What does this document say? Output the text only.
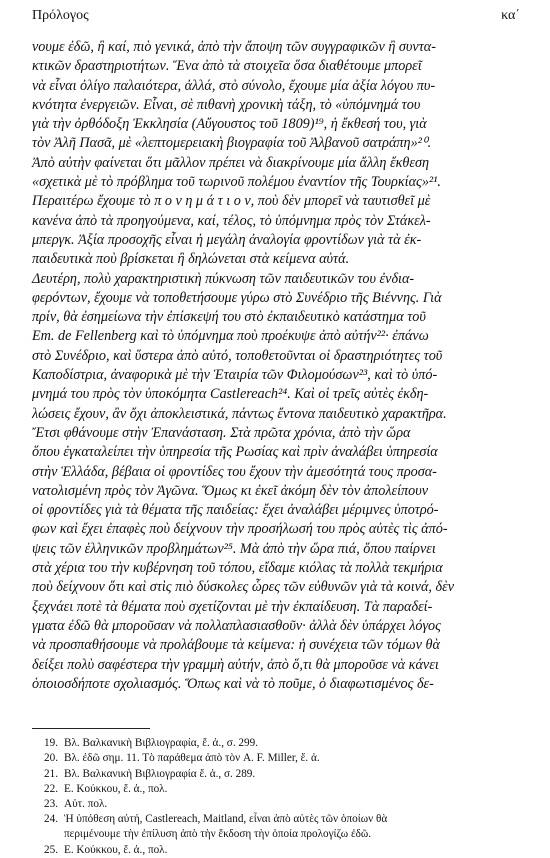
Πρόλογος	κα΄
νουμε ἐδῶ, ἢ καί, πιὸ γενικά, ἀπὸ τὴν ἄποψη τῶν συγγραφικῶν ἢ συντα-
κτικῶν δραστηριοτήτων. Ἕνα ἀπὸ τὰ στοιχεῖα ὅσα διαθέτουμε μπορεῖ
νὰ εἶναι ὀλίγο παλαιότερα, ἀλλά, στὸ σύνολο, ἔχουμε μία ἀξία λόγου πυ-
κνότητα ἐνεργειῶν. Εἶναι, σὲ πιθανὴ χρονικὴ τάξη, τὸ «ὑπόμνημά του
γιὰ τὴν ὀρθόδοξη Ἐκκλησία (Αὔγουστος τοῦ 1809)¹⁹, ἡ ἔκθεσή του, γιὰ
τὸν Ἀλῆ Πασᾶ, μὲ «λεπτομερειακὴ βιογραφία τοῦ Ἀλβανοῦ σατράπη»²⁰.
Ἀπὸ αὐτὴν φαίνεται ὅτι μᾶλλον πρέπει νὰ διακρίνουμε μία ἄλλη ἔκθεση
«σχετικὰ μὲ τὸ πρόβλημα τοῦ τωρινοῦ πολέμου ἐναντίον τῆς Τουρκίας»²¹.
Περαιτέρω ἔχουμε τὸ π ο ν η μ ά τ ι ο ν, ποὺ δὲν μπορεῖ νὰ ταυτισθεῖ μὲ
κανένα ἀπὸ τὰ προηγούμενα, καί, τέλος, τὸ ὑπόμνημα πρὸς τὸν Στάκελ-
μπεργκ. Ἀξία προσοχῆς εἶναι ἡ μεγάλη ἀναλογία φροντίδων γιὰ τὰ ἐκ-
παιδευτικὰ ποὺ βρίσκεται ἢ δηλώνεται στὰ κείμενα αὐτά.
Δευτέρη, πολὺ χαρακτηριστικὴ πύκνωση τῶν παιδευτικῶν του ἐνδια-
φερόντων, ἔχουμε νὰ τοποθετήσουμε γύρω στὸ Συνέδριο τῆς Βιέννης. Γιὰ
πρίν, θὰ ἐσημείωνα τὴν ἐπίσκεψή του στὸ ἐκπαιδευτικὸ κατάστημα τοῦ
Em. de Fellenberg καὶ τὸ ὑπόμνημα ποὺ προέκυψε ἀπὸ αὐτήν²²· ἐπάνω
στὸ Συνέδριο, καὶ ὕστερα ἀπὸ αὐτό, τοποθετοῦνται οἱ δραστηριότητες τοῦ
Καποδίστρια, ἀναφορικὰ μὲ τὴν Ἑταιρία τῶν Φιλομούσων²³, καὶ τὸ ὑπό-
μνημά του πρὸς τὸν ὑποκόμητα Castlereach²⁴. Καὶ οἱ τρεῖς αὐτὲς ἐκδη-
λώσεις ἔχουν, ἂν ὄχι ἀποκλειστικά, πάντως ἔντονα παιδευτικὸ χαρακτῆρα.
Ἔτσι φθάνουμε στὴν Ἐπανάσταση. Στὰ πρῶτα χρόνια, ἀπὸ τὴν ὥρα
ὅπου ἐγκαταλείπει τὴν ὑπηρεσία τῆς Ρωσίας καὶ πρὶν ἀναλάβει ὑπηρεσία
στὴν Ἑλλάδα, βέβαια οἱ φροντίδες του ἔχουν τὴν ἀμεσότητά τους προσα-
νατολισμένη πρὸς τὸν Ἀγῶνα. Ὅμως κι ἐκεῖ ἀκόμη δὲν τὸν ἀπολείπουν
οἱ φροντίδες γιὰ τὰ θέματα τῆς παιδείας: ἔχει ἀναλάβει μέριμνες ὑποτρό-
φων καὶ ἔχει ἐπαφὲς ποὺ δείχνουν τὴν προσήλωσή του πρὸς αὐτὲς τὶς ἀπό-
ψεις τῶν ἑλληνικῶν προβλημάτων²⁵. Μὰ ἀπὸ τὴν ὥρα πιά, ὅπου παίρνει
στὰ χέρια του τὴν κυβέρνηση τοῦ τόπου, εἴδαμε κιόλας τὰ πολλὰ τεκμήρια
ποὺ δείχνουν ὅτι καὶ στὶς πιὸ δύσκολες ὧρες τῶν εὐθυνῶν γιὰ τὰ κοινά, δὲν
ξεχνάει ποτὲ τὰ θέματα ποὺ σχετίζονται μὲ τὴν ἐκπαίδευση. Τὰ παραδεί-
γματα ἐδῶ θὰ μποροῦσαν νὰ πολλαπλασιασθοῦν· ἀλλὰ δὲν ὑπάρχει λόγος
νὰ προσπαθήσουμε νὰ προλάβουμε τὰ κείμενα: ἡ συνέχεια τῶν τόμων θὰ
δείξει πολὺ σαφέστερα τὴν γραμμὴ αὐτήν, ἀπὸ ὅ,τι θὰ μποροῦσε νὰ κάνει
ὁποιοσδήποτε σχολιασμός. Ὅπως καὶ νὰ τὸ ποῦμε, ὁ διαφωτισμένος δε-
19. Βλ. Βαλκανικὴ Βιβλιογραφία, ἔ. ἀ., σ. 299.
20. Βλ. ἐδῶ σημ. 11. Τὸ παράθεμα ἀπὸ τὸν A. F. Miller, ἔ. ἀ.
21. Βλ. Βαλκανικὴ Βιβλιογραφία ἔ. ἀ., σ. 289.
22. Ε. Κούκκου, ἔ. ἀ., πολ.
23. Αὐτ. πολ.
24. Ἡ ὑπόθεση αὐτή, Castlereach, Maitland, εἶναι ἀπὸ αὐτὲς τῶν ὁποίων θὰ
περιμένουμε τὴν ἐπίλυση ἀπὸ τὴν ἔκδοση τὴν ὁποία προλογίζω ἐδῶ.
25. Ε. Κούκκου, ἔ. ἀ., πολ.
